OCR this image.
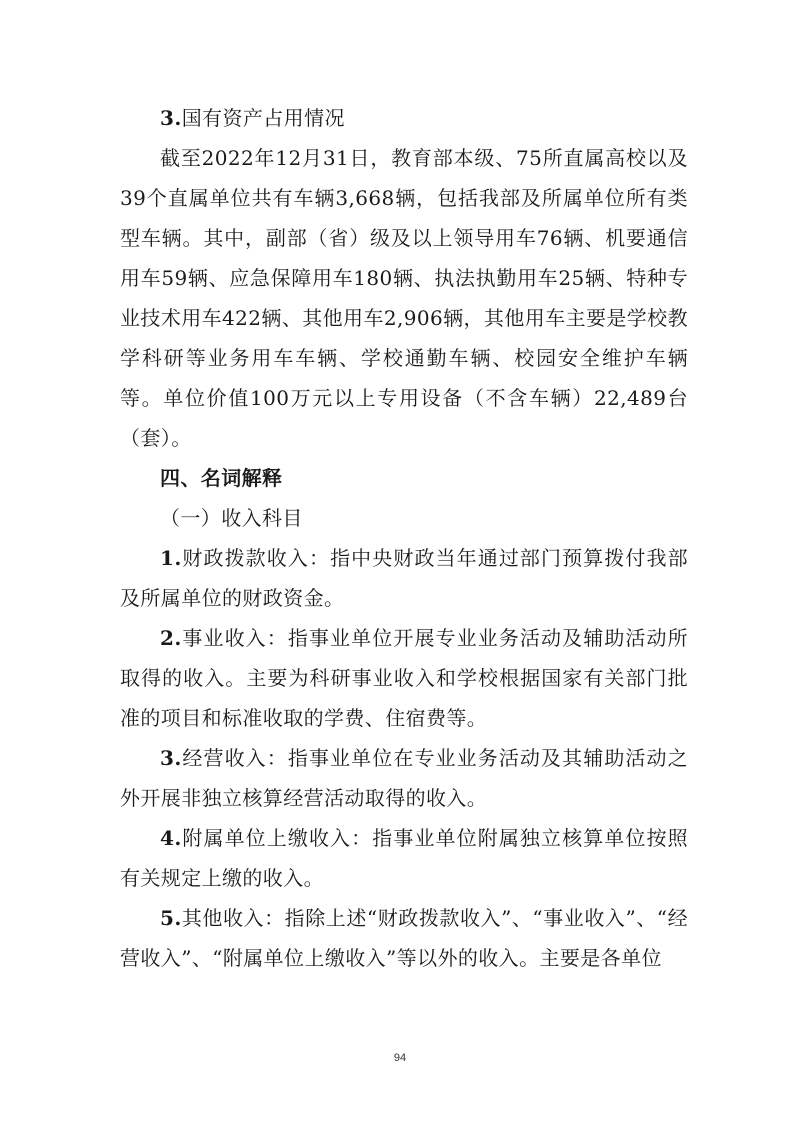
3.国有资产占用情况

截至2022年12月31日，教育部本级、75所直属高校以及39个直属单位共有车辆3,668辆，包括我部及所属单位所有类型车辆。其中，副部（省）级及以上领导用车76辆、机要通信用车59辆、应急保障用车180辆、执法执勤用车25辆、特种专业技术用车422辆、其他用车2,906辆，其他用车主要是学校教学科研等业务用车车辆、学校通勤车辆、校园安全维护车辆等。单位价值100万元以上专用设备（不含车辆）22,489台（套）。

四、名词解释

（一）收入科目

1.财政拨款收入：指中央财政当年通过部门预算拨付我部及所属单位的财政资金。

2.事业收入：指事业单位开展专业业务活动及辅助活动所取得的收入。主要为科研事业收入和学校根据国家有关部门批准的项目和标准收取的学费、住宿费等。

3.经营收入：指事业单位在专业业务活动及其辅助活动之外开展非独立核算经营活动取得的收入。

4.附属单位上缴收入：指事业单位附属独立核算单位按照有关规定上缴的收入。

5.其他收入：指除上述“财政拨款收入”、“事业收入”、“经营收入”、“附属单位上缴收入”等以外的收入。主要是各单位

94
